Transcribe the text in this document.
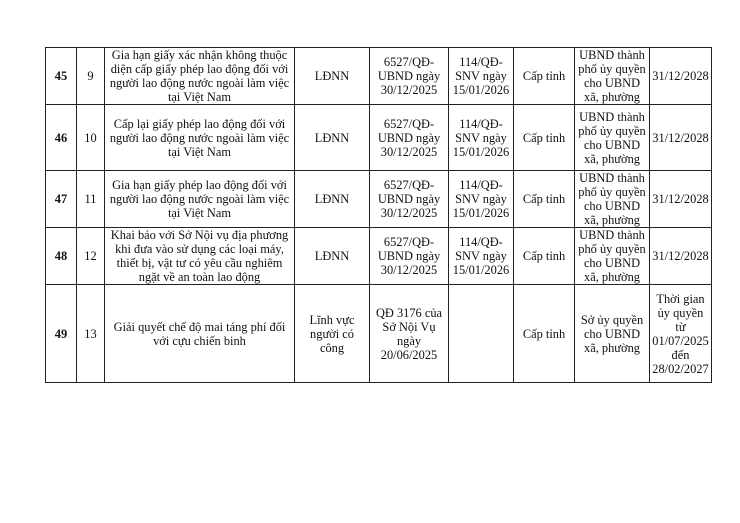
45	9	Gia hạn giấy xác nhận không thuộc diện cấp giấy phép lao động đối với người lao động nước ngoài làm việc tại Việt Nam	LĐNN	6527/QĐ-UBND ngày 30/12/2025	114/QĐ-SNV ngày 15/01/2026	Cấp tỉnh	UBND thành phố ủy quyền cho UBND xã, phường	31/12/2028
46	10	Cấp lại giấy phép lao động đối với người lao động nước ngoài làm việc tại Việt Nam	LĐNN	6527/QĐ-UBND ngày 30/12/2025	114/QĐ-SNV ngày 15/01/2026	Cấp tỉnh	UBND thành phố ủy quyền cho UBND xã, phường	31/12/2028
47	11	Gia hạn giấy phép lao động đối với người lao động nước ngoài làm việc tại Việt Nam	LĐNN	6527/QĐ-UBND ngày 30/12/2025	114/QĐ-SNV ngày 15/01/2026	Cấp tỉnh	UBND thành phố ủy quyền cho UBND xã, phường	31/12/2028
48	12	Khai báo với Sở Nội vụ địa phương khi đưa vào sử dụng các loại máy, thiết bị, vật tư có yêu cầu nghiêm ngặt về an toàn lao động	LĐNN	6527/QĐ-UBND ngày 30/12/2025	114/QĐ-SNV ngày 15/01/2026	Cấp tỉnh	UBND thành phố ủy quyền cho UBND xã, phường	31/12/2028
49	13	Giải quyết chế độ mai táng phí đối với cựu chiến binh	Lĩnh vực người có công	QĐ 3176 của Sở Nội Vụ ngày 20/06/2025		Cấp tỉnh	Sở ủy quyền cho UBND xã, phường	Thời gian ủy quyền từ 01/07/2025 đến 28/02/2027
